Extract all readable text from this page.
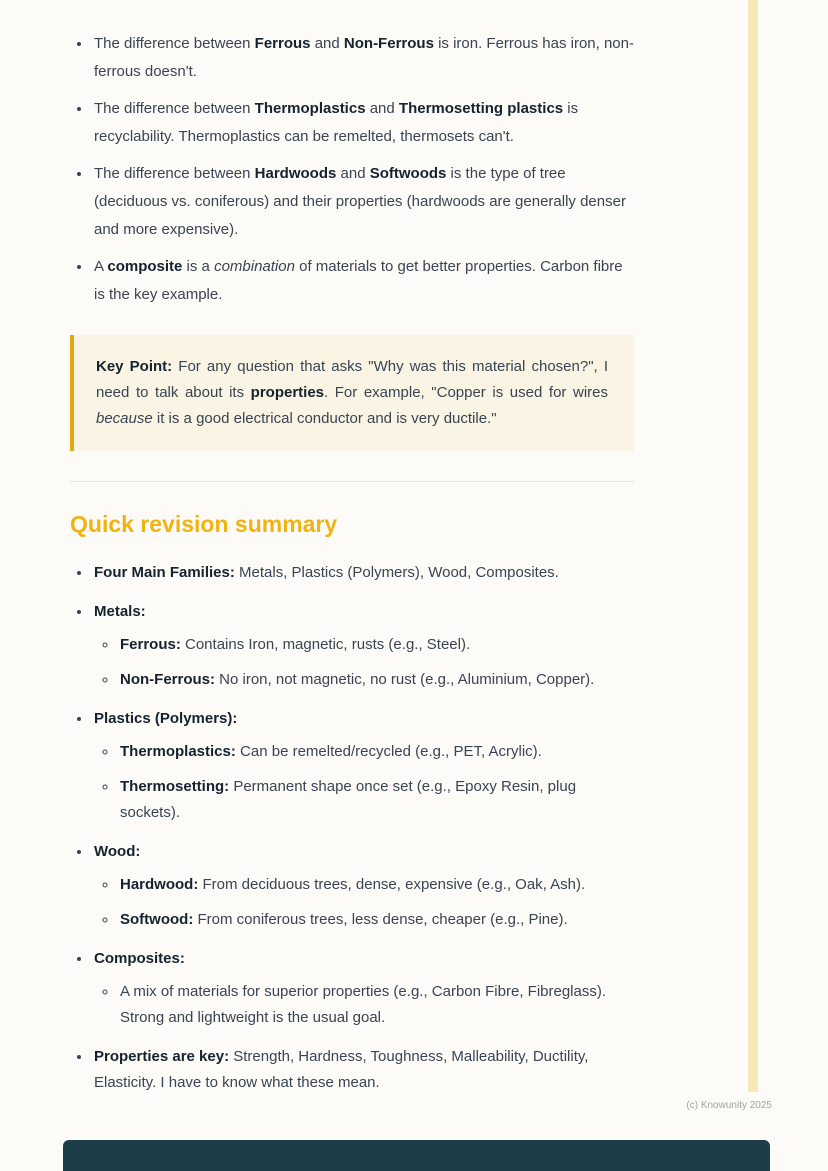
• The difference between Ferrous and Non-Ferrous is iron. Ferrous has iron, non-ferrous doesn't.
• The difference between Thermoplastics and Thermosetting plastics is recyclability. Thermoplastics can be remelted, thermosets can't.
• The difference between Hardwoods and Softwoods is the type of tree (deciduous vs. coniferous) and their properties (hardwoods are generally denser and more expensive).
• A composite is a combination of materials to get better properties. Carbon fibre is the key example.
Key Point: For any question that asks "Why was this material chosen?", I need to talk about its properties. For example, "Copper is used for wires because it is a good electrical conductor and is very ductile."
Quick revision summary
• Four Main Families: Metals, Plastics (Polymers), Wood, Composites.
• Metals:
◦ Ferrous: Contains Iron, magnetic, rusts (e.g., Steel).
◦ Non-Ferrous: No iron, not magnetic, no rust (e.g., Aluminium, Copper).
• Plastics (Polymers):
◦ Thermoplastics: Can be remelted/recycled (e.g., PET, Acrylic).
◦ Thermosetting: Permanent shape once set (e.g., Epoxy Resin, plug sockets).
• Wood:
◦ Hardwood: From deciduous trees, dense, expensive (e.g., Oak, Ash).
◦ Softwood: From coniferous trees, less dense, cheaper (e.g., Pine).
• Composites:
◦ A mix of materials for superior properties (e.g., Carbon Fibre, Fibreglass). Strong and lightweight is the usual goal.
• Properties are key: Strength, Hardness, Toughness, Malleability, Ductility, Elasticity. I have to know what these mean.
(c) Knowunity 2025
